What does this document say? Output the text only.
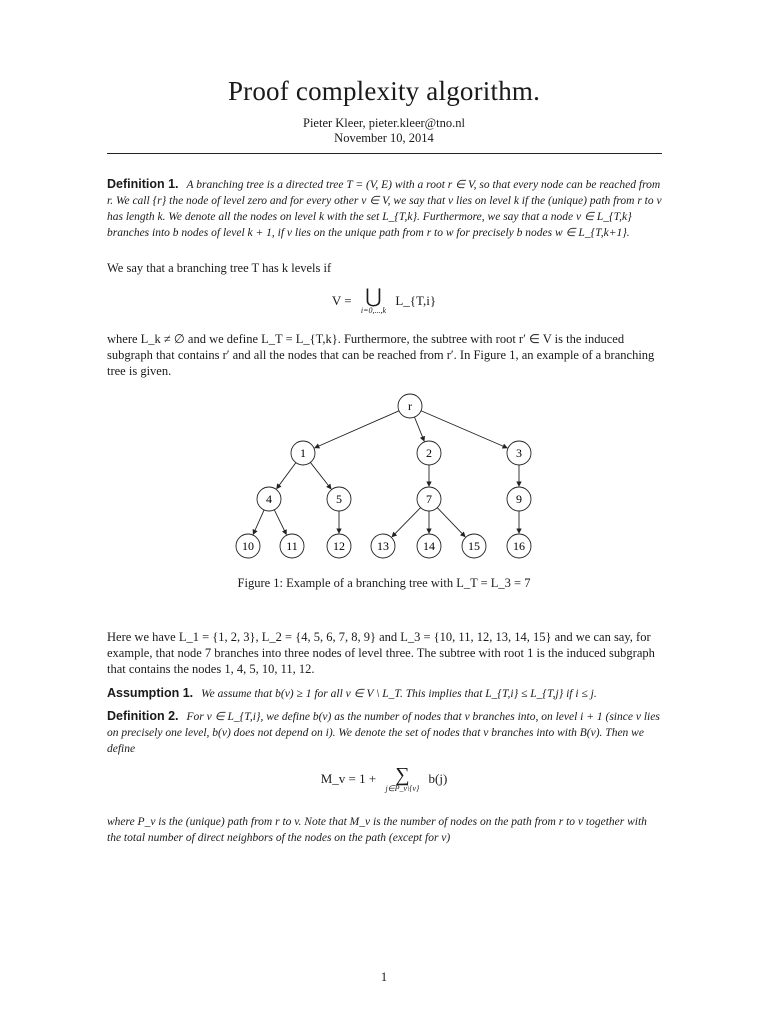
Proof complexity algorithm.
Pieter Kleer, pieter.kleer@tno.nl
November 10, 2014
Definition 1. A branching tree is a directed tree T = (V, E) with a root r ∈ V, so that every node can be reached from r. We call {r} the node of level zero and for every other v ∈ V, we say that v lies on level k if the (unique) path from r to v has length k. We denote all the nodes on level k with the set L_{T,k}. Furthermore, we say that a node v ∈ L_{T,k} branches into b nodes of level k + 1, if v lies on the unique path from r to w for precisely b nodes w ∈ L_{T,k+1}.
We say that a branching tree T has k levels if
V = ⋃
i=0,...,k
L_{T,i}
where L_k ≠ ∅ and we define L_T = L_{T,k}. Furthermore, the subtree with root r′ ∈ V is the induced subgraph that contains r′ and all the nodes that can be reached from r′. In Figure 1, an example of a branching tree is given.
r
1	2	3
4	5	7	9
10	11	12	13	14	15	16
Figure 1: Example of a branching tree with L_T = L_3 = 7
Here we have L_1 = {1, 2, 3}, L_2 = {4, 5, 6, 7, 8, 9} and L_3 = {10, 11, 12, 13, 14, 15} and we can say, for example, that node 7 branches into three nodes of level three. The subtree with root 1 is the induced subgraph that contains the nodes 1, 4, 5, 10, 11, 12.
Assumption 1. We assume that b(v) ≥ 1 for all v ∈ V \ L_T. This implies that L_{T,i} ≤ L_{T,j} if i ≤ j.
Definition 2. For v ∈ L_{T,i}, we define b(v) as the number of nodes that v branches into, on level i + 1 (since v lies on precisely one level, b(v) does not depend on i). We denote the set of nodes that v branches into with B(v). Then we define
M_v = 1 + ∑
j∈P_v\{v}
b(j)
where P_v is the (unique) path from r to v. Note that M_v is the number of nodes on the path from r to v together with the total number of direct neighbors of the nodes on the path (except for v)
1
